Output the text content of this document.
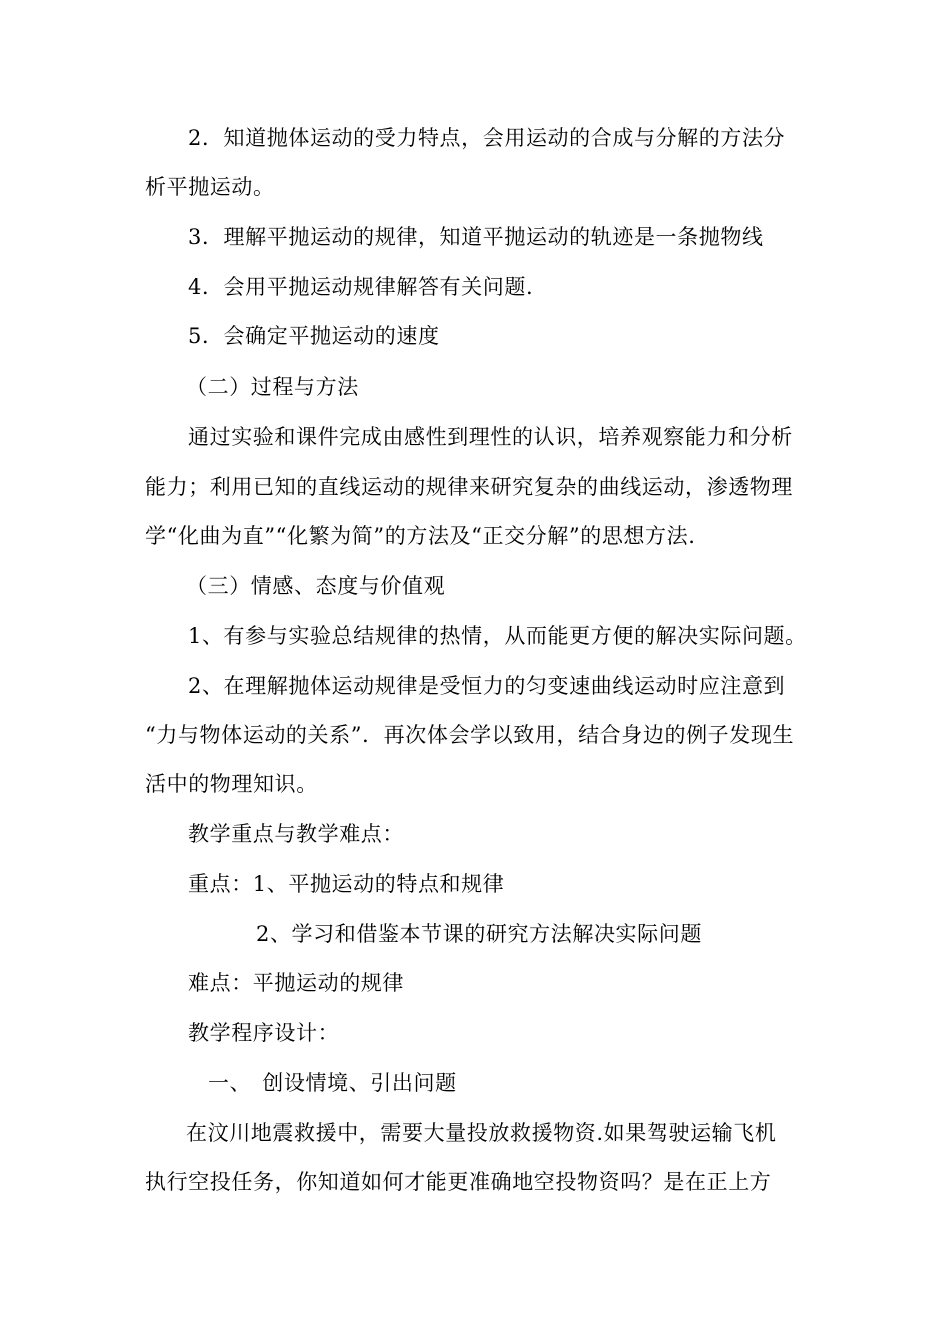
2．知道抛体运动的受力特点，会用运动的合成与分解的方法分
析平抛运动。
3．理解平抛运动的规律，知道平抛运动的轨迹是一条抛物线
4．会用平抛运动规律解答有关问题.
5．会确定平抛运动的速度
（二）过程与方法
通过实验和课件完成由感性到理性的认识，培养观察能力和分析
能力；利用已知的直线运动的规律来研究复杂的曲线运动，渗透物理
学“化曲为直”“化繁为简”的方法及“正交分解”的思想方法.
（三）情感、态度与价值观
1、有参与实验总结规律的热情，从而能更方便的解决实际问题。
2、在理解抛体运动规律是受恒力的匀变速曲线运动时应注意到
“力与物体运动的关系”．再次体会学以致用，结合身边的例子发现生
活中的物理知识。
教学重点与教学难点：
重点：1、平抛运动的特点和规律
2、学习和借鉴本节课的研究方法解决实际问题
难点：平抛运动的规律
教学程序设计：
一、　创设情境、引出问题
在汶川地震救援中，需要大量投放救援物资.如果驾驶运输飞机
执行空投任务，你知道如何才能更准确地空投物资吗？是在正上方
